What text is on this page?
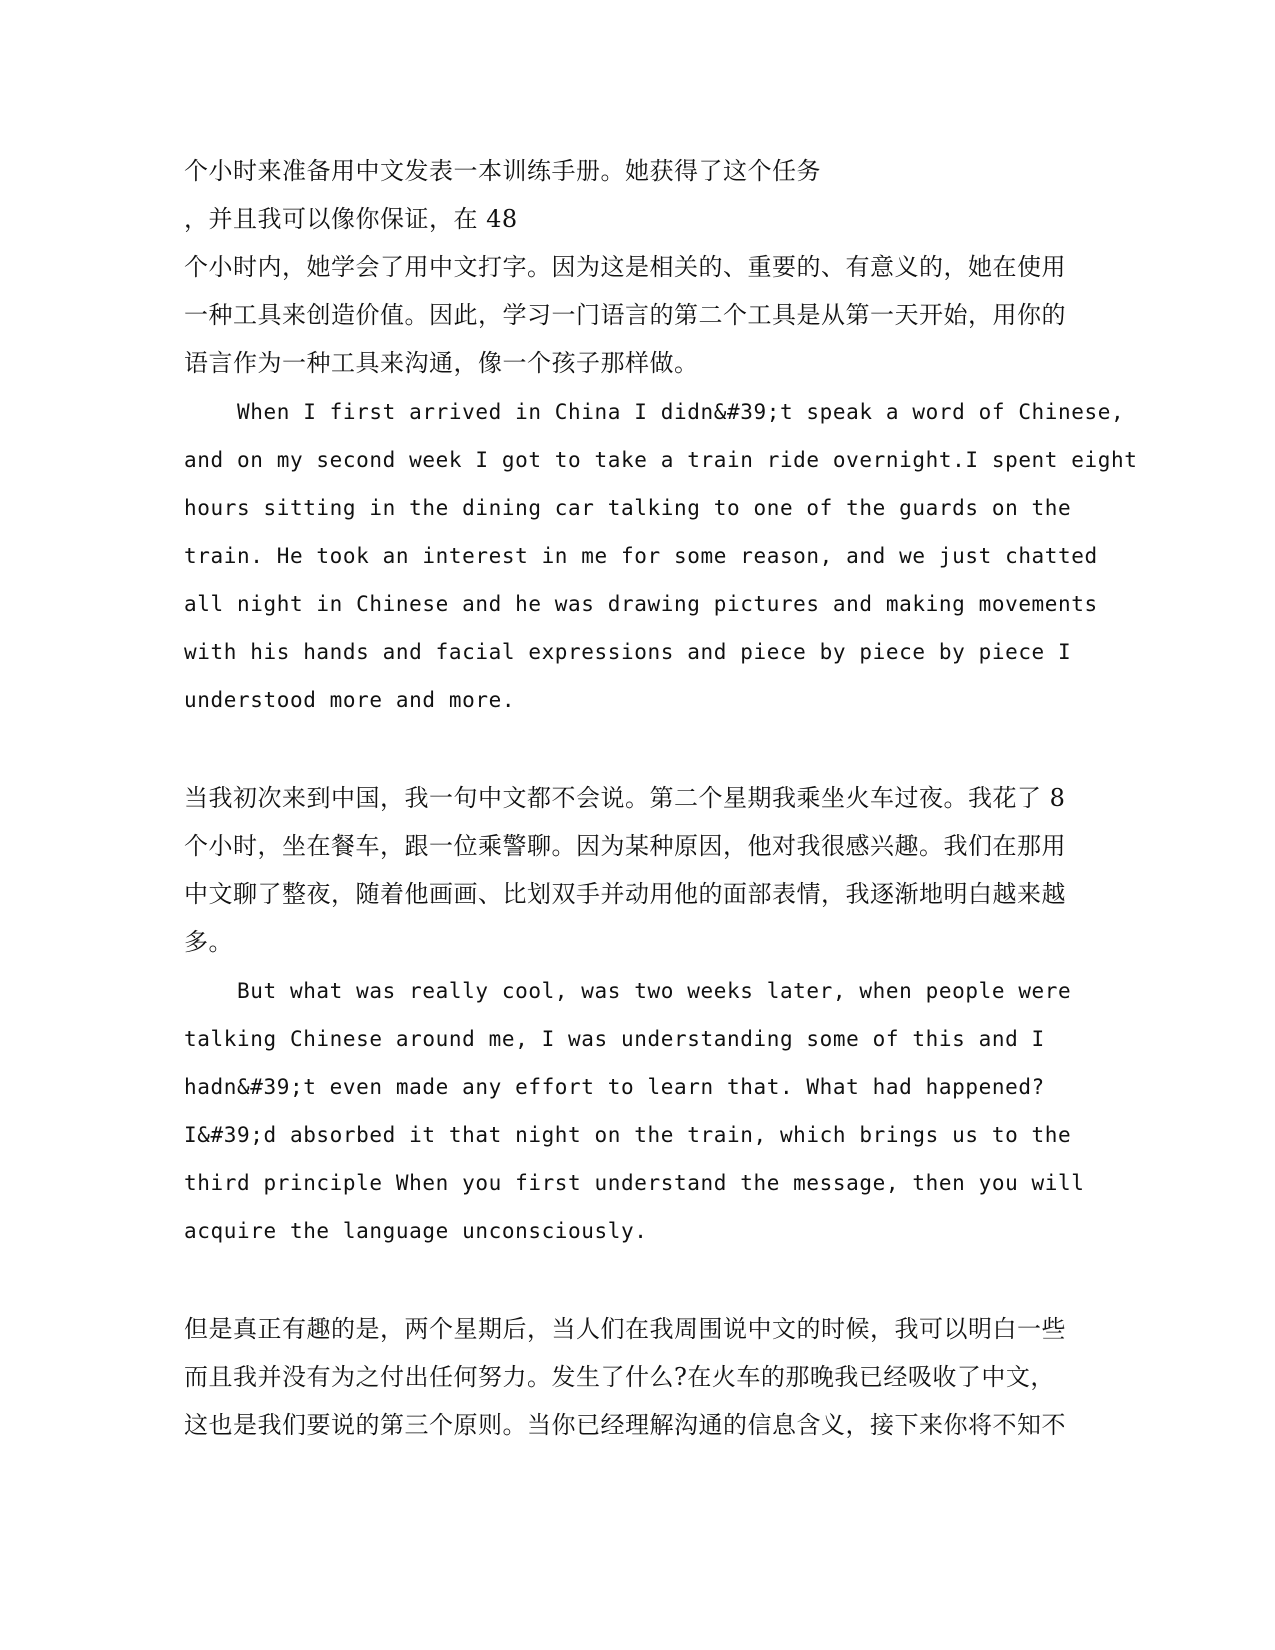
个小时来准备用中文发表一本训练手册。她获得了这个任务

，并且我可以像你保证，在 48

个小时内，她学会了用中文打字。因为这是相关的、重要的、有意义的，她在使用

一种工具来创造价值。因此，学习一门语言的第二个工具是从第一天开始，用你的

语言作为一种工具来沟通，像一个孩子那样做。

When I first arrived in China I didn&#39;t speak a word of Chinese,

and on my second week I got to take a train ride overnight.I spent eight

hours sitting in the dining car talking to one of the guards on the

train. He took an interest in me for some reason, and we just chatted

all night in Chinese and he was drawing pictures and making movements

with his hands and facial expressions and piece by piece by piece I

understood more and more.

当我初次来到中国，我一句中文都不会说。第二个星期我乘坐火车过夜。我花了 8

个小时，坐在餐车，跟一位乘警聊。因为某种原因，他对我很感兴趣。我们在那用

中文聊了整夜，随着他画画、比划双手并动用他的面部表情，我逐渐地明白越来越

多。

But what was really cool, was two weeks later, when people were

talking Chinese around me, I was understanding some of this and I

hadn&#39;t even made any effort to learn that. What had happened?

I&#39;d absorbed it that night on the train, which brings us to the

third principle When you first understand the message, then you will

acquire the language unconsciously.

但是真正有趣的是，两个星期后，当人们在我周围说中文的时候，我可以明白一些

而且我并没有为之付出任何努力。发生了什么?在火车的那晚我已经吸收了中文，

这也是我们要说的第三个原则。当你已经理解沟通的信息含义，接下来你将不知不
